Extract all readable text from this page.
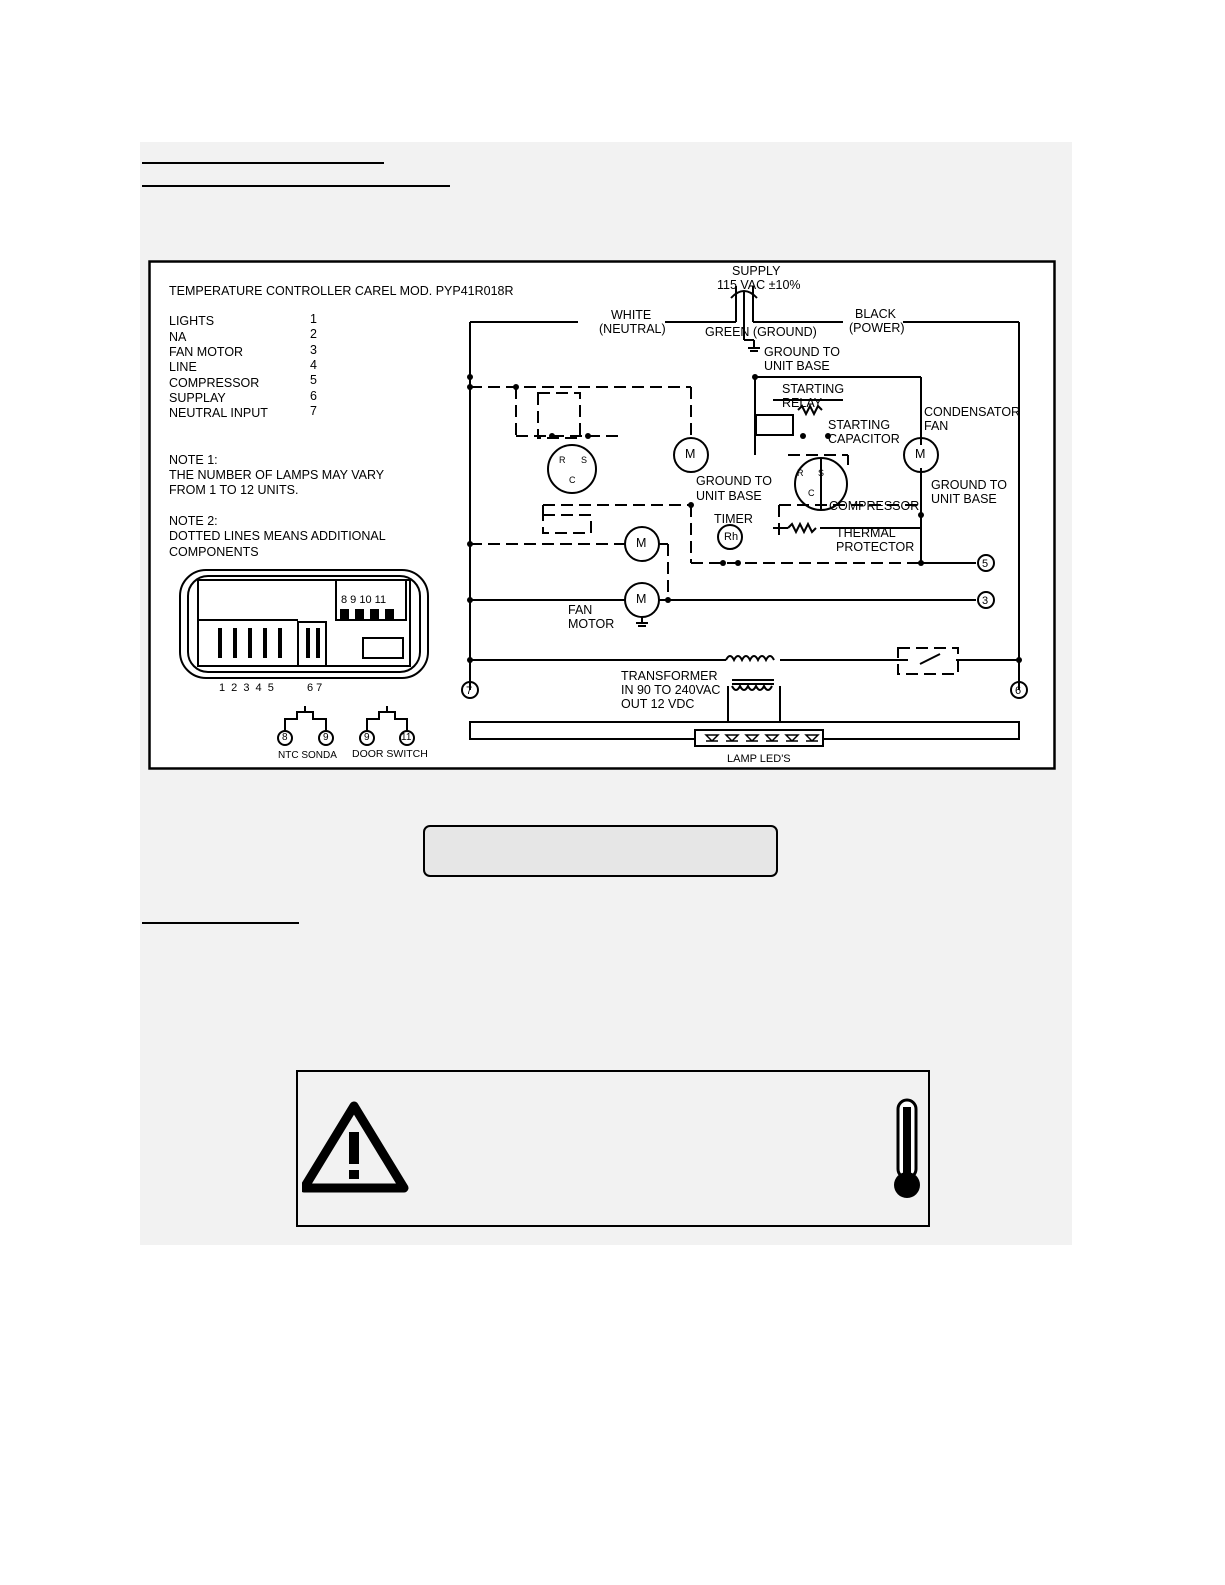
TEMPERATURE CONTROLLER CAREL MOD. PYP41R018R
LIGHTS	1
NA	2
FAN MOTOR	3
LINE	4
COMPRESSOR	5
SUPPLAY	6
NEUTRAL INPUT	7
NOTE 1:
THE NUMBER OF LAMPS MAY VARY
FROM 1 TO 12 UNITS.
NOTE 2:
DOTTED LINES MEANS ADDITIONAL
COMPONENTS
8 9 10 11
1 2 3 4 5	6 7
8	9	9	11
NTC SONDA DOOR SWITCH
SUPPLY
115 VAC ±10%
WHITE
(NEUTRAL)
BLACK
(POWER)
GREEN (GROUND)
GROUND TO
UNIT BASE
STARTING
RELAY
STARTING
CAPACITOR
CONDENSATOR
FAN
GROUND TO
UNIT BASE
GROUND TO
UNIT BASE
COMPRESSOR
TIMER
THERMAL
PROTECTOR
FAN
MOTOR
TRANSFORMER
IN 90 TO 240VAC
OUT 12 VDC
LAMP LED'S
M	M
M
M
Rh
R S
C
R S
C
5
3
7	6
